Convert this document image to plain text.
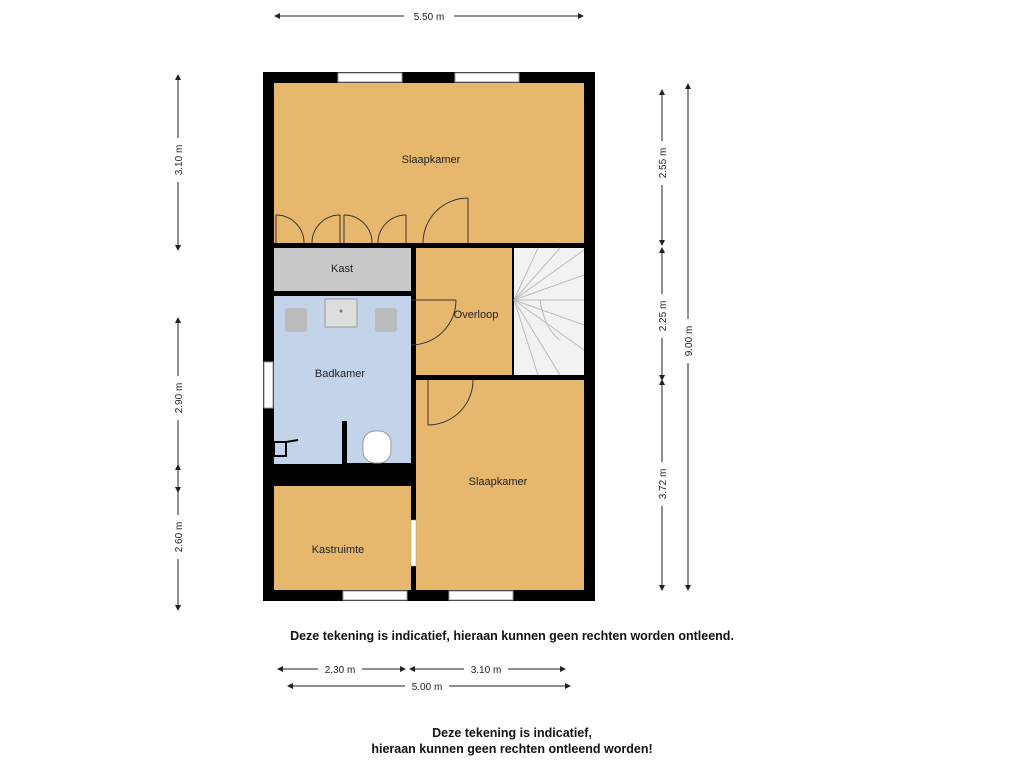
Slaapkamer
Kast
Overloop
Badkamer
Slaapkamer
Kastruimte
5.50 m
3.10 m
2.90 m
2.60 m
2.55 m
2.25 m
3.72 m
9.00 m
2.30 m	3.10 m
5.00 m
Deze tekening is indicatief, hieraan kunnen geen rechten worden ontleend.
Deze tekening is indicatief,
hieraan kunnen geen rechten ontleend worden!
